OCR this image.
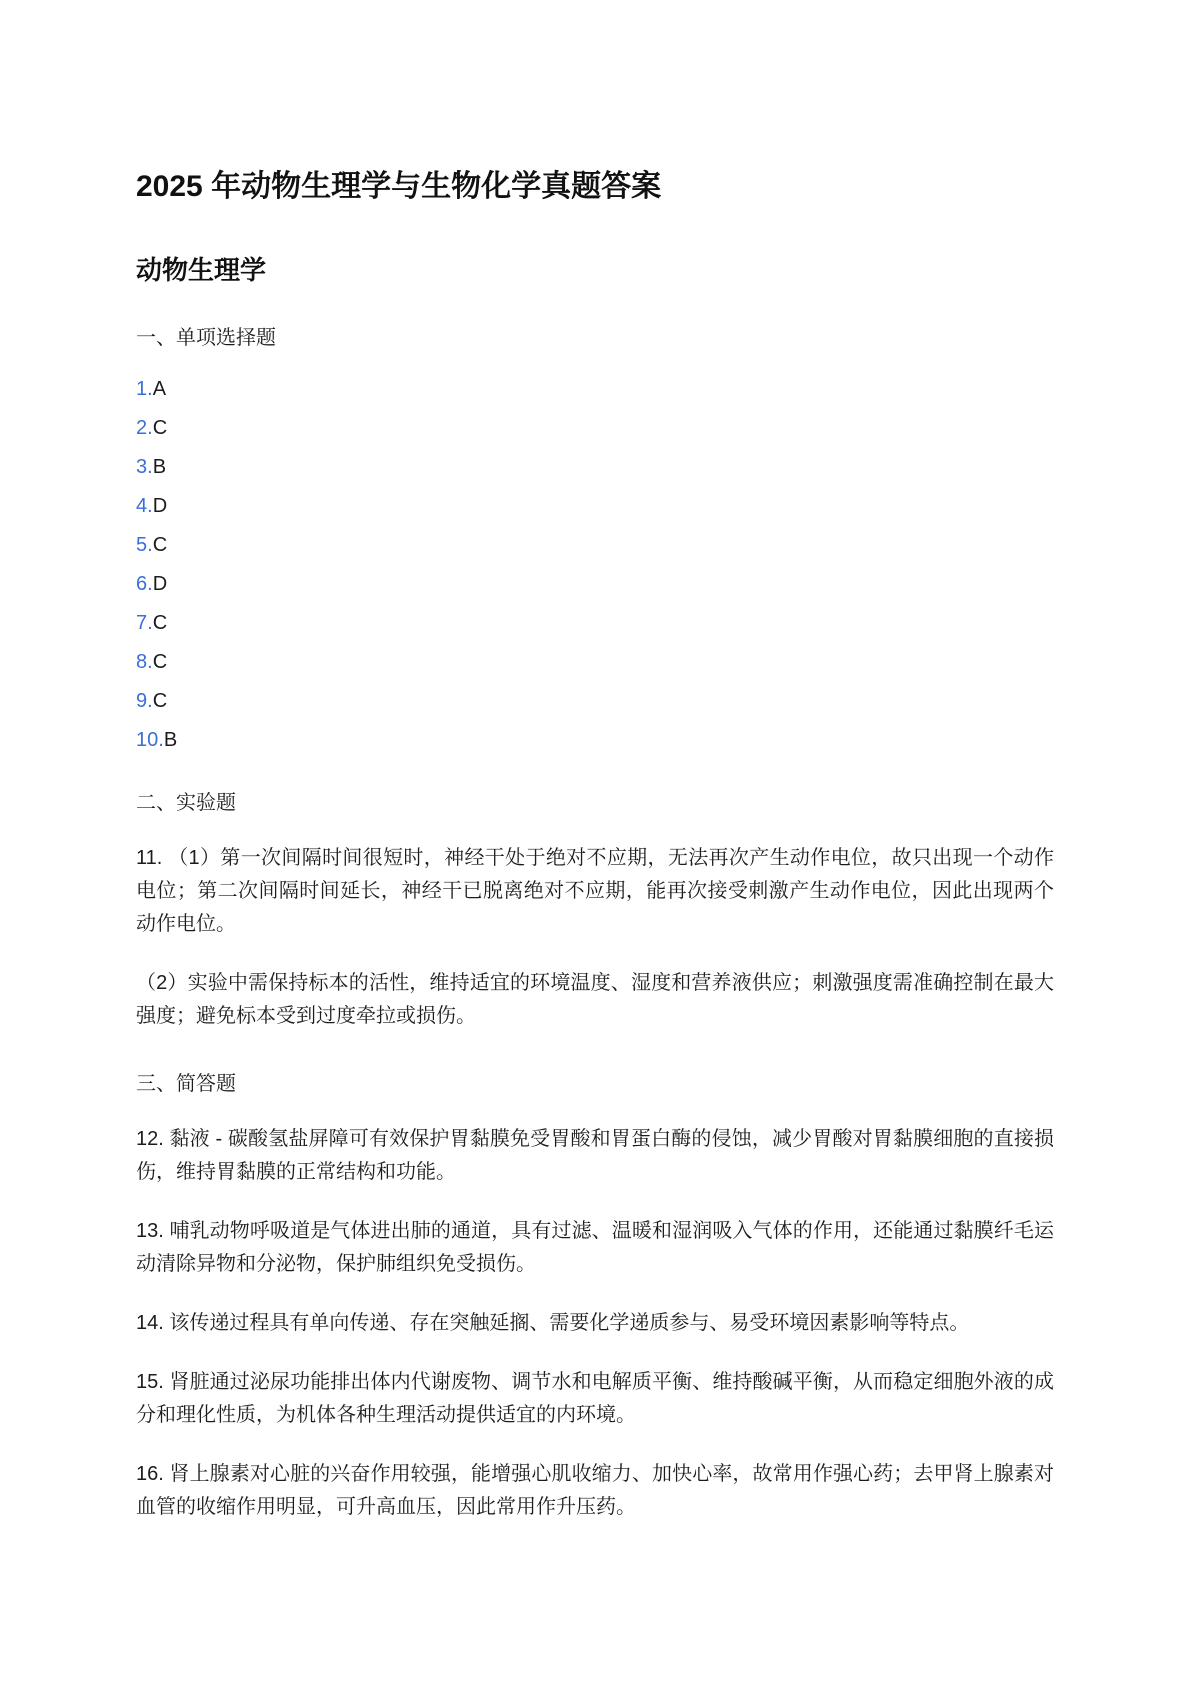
2025 年动物生理学与生物化学真题答案
动物生理学

一、单项选择题

1.A

2.C

3.B

4.D

5.C

6.D

7.C

8.C

9.C

10.B

二、实验题

11. （1）第一次间隔时间很短时，神经干处于绝对不应期，无法再次产生动作电位，故只出现一个动作电位；第二次间隔时间延长，神经干已脱离绝对不应期，能再次接受刺激产生动作电位，因此出现两个动作电位。

（2）实验中需保持标本的活性，维持适宜的环境温度、湿度和营养液供应；刺激强度需准确控制在最大强度；避免标本受到过度牵拉或损伤。

三、简答题

12. 黏液 - 碳酸氢盐屏障可有效保护胃黏膜免受胃酸和胃蛋白酶的侵蚀，减少胃酸对胃黏膜细胞的直接损伤，维持胃黏膜的正常结构和功能。

13. 哺乳动物呼吸道是气体进出肺的通道，具有过滤、温暖和湿润吸入气体的作用，还能通过黏膜纤毛运动清除异物和分泌物，保护肺组织免受损伤。

14. 该传递过程具有单向传递、存在突触延搁、需要化学递质参与、易受环境因素影响等特点。

15. 肾脏通过泌尿功能排出体内代谢废物、调节水和电解质平衡、维持酸碱平衡，从而稳定细胞外液的成分和理化性质，为机体各种生理活动提供适宜的内环境。

16. 肾上腺素对心脏的兴奋作用较强，能增强心肌收缩力、加快心率，故常用作强心药；去甲肾上腺素对血管的收缩作用明显，可升高血压，因此常用作升压药。
